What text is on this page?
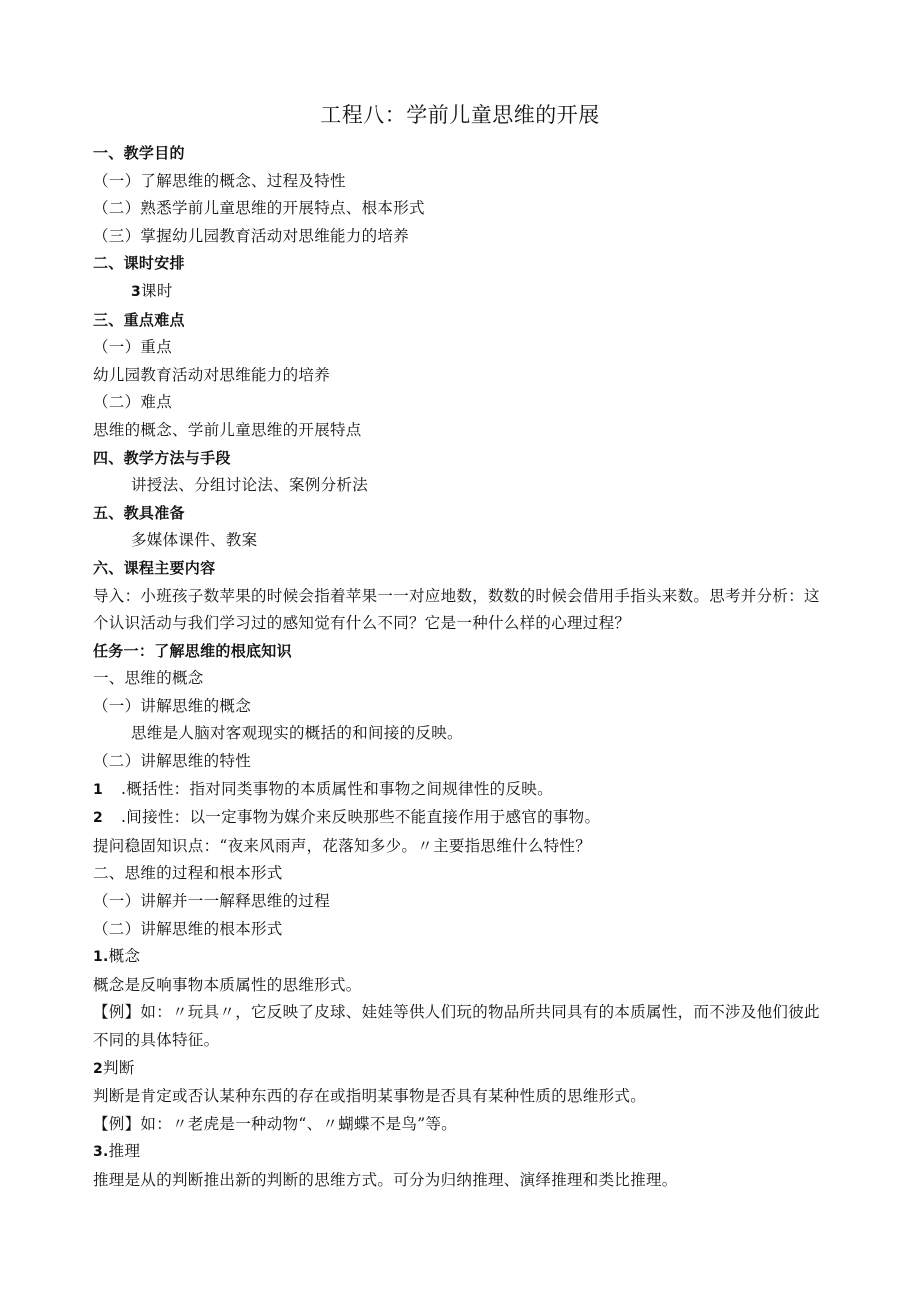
工程八：学前儿童思维的开展
一、教学目的
（一）了解思维的概念、过程及特性
（二）熟悉学前儿童思维的开展特点、根本形式
（三）掌握幼儿园教育活动对思维能力的培养
二、课时安排
3课时
三、重点难点
（一）重点
幼儿园教育活动对思维能力的培养
（二）难点
思维的概念、学前儿童思维的开展特点
四、教学方法与手段
讲授法、分组讨论法、案例分析法
五、教具准备
多媒体课件、教案
六、课程主要内容
导入：小班孩子数苹果的时候会指着苹果一一对应地数，数数的时候会借用手指头来数。思考并分析：这个认识活动与我们学习过的感知觉有什么不同？它是一种什么样的心理过程？
任务一：了解思维的根底知识
一、思维的概念
（一）讲解思维的概念
思维是人脑对客观现实的概括的和间接的反映。
（二）讲解思维的特性
1 .概括性：指对同类事物的本质属性和事物之间规律性的反映。
2 .间接性：以一定事物为媒介来反映那些不能直接作用于感官的事物。
提问稳固知识点：“夜来风雨声，花落知多少。〃主要指思维什么特性？
二、思维的过程和根本形式
（一）讲解并一一解释思维的过程
（二）讲解思维的根本形式
1.概念
概念是反响事物本质属性的思维形式。
【例】如：〃玩具〃，它反映了皮球、娃娃等供人们玩的物品所共同具有的本质属性，而不涉及他们彼此不同的具体特征。
2判断
判断是肯定或否认某种东西的存在或指明某事物是否具有某种性质的思维形式。
【例】如：〃老虎是一种动物“、〃蝴蝶不是鸟”等。
3.推理
推理是从的判断推出新的判断的思维方式。可分为归纳推理、演绎推理和类比推理。
